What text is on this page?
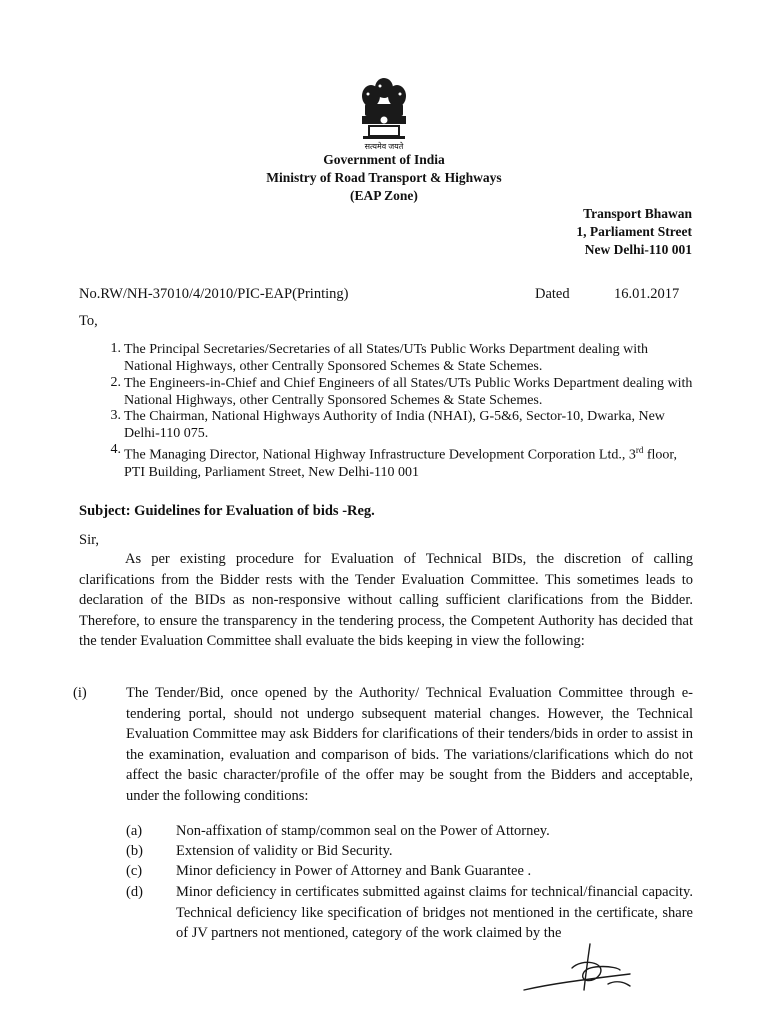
सत्यमेव जयते
Government of India
Ministry of Road Transport & Highways
(EAP Zone)
Transport Bhawan
1, Parliament Street
New Delhi-110 001
No.RW/NH-37010/4/2010/PIC-EAP(Printing)	Dated	16.01.2017
To,
1. The Principal Secretaries/Secretaries of all States/UTs Public Works Department dealing with National Highways, other Centrally Sponsored Schemes & State Schemes.
2. The Engineers-in-Chief and Chief Engineers of all States/UTs Public Works Department dealing with National Highways, other Centrally Sponsored Schemes & State Schemes.
3. The Chairman, National Highways Authority of India (NHAI), G-5&6, Sector-10, Dwarka, New Delhi-110 075.
4. The Managing Director, National Highway Infrastructure Development Corporation Ltd., 3rd floor, PTI Building, Parliament Street, New Delhi-110 001
Subject: Guidelines for Evaluation of bids -Reg.
Sir,
As per existing procedure for Evaluation of Technical BIDs, the discretion of calling clarifications from the Bidder rests with the Tender Evaluation Committee. This sometimes leads to declaration of the BIDs as non-responsive without calling sufficient clarifications from the Bidder. Therefore, to ensure the transparency in the tendering process, the Competent Authority has decided that the tender Evaluation Committee shall evaluate the bids keeping in view the following:
(i)	The Tender/Bid, once opened by the Authority/ Technical Evaluation Committee through e-tendering portal, should not undergo subsequent material changes. However, the Technical Evaluation Committee may ask Bidders for clarifications of their tenders/bids in order to assist in the examination, evaluation and comparison of bids. The variations/clarifications which do not affect the basic character/profile of the offer may be sought from the Bidders and acceptable, under the following conditions:
(a) Non-affixation of stamp/common seal on the Power of Attorney.
(b) Extension of validity or Bid Security.
(c) Minor deficiency in Power of Attorney and Bank Guarantee .
(d) Minor deficiency in certificates submitted against claims for technical/financial capacity. Technical deficiency like specification of bridges not mentioned in the certificate, share of JV partners not mentioned, category of the work claimed by the
